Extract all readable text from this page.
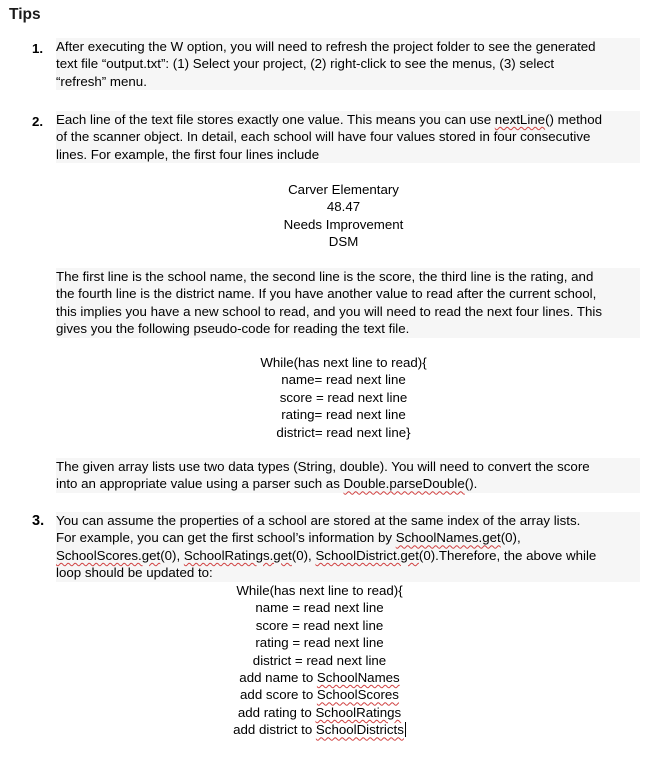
Tips
1. After executing the W option, you will need to refresh the project folder to see the generated
text file “output.txt”: (1) Select your project, (2) right-click to see the menus, (3) select
“refresh” menu.
2. Each line of the text file stores exactly one value. This means you can use nextLine() method
of the scanner object. In detail, each school will have four values stored in four consecutive
lines. For example, the first four lines include
Carver Elementary
48.47
Needs Improvement
DSM
The first line is the school name, the second line is the score, the third line is the rating, and
the fourth line is the district name. If you have another value to read after the current school,
this implies you have a new school to read, and you will need to read the next four lines. This
gives you the following pseudo-code for reading the text file.
While(has next line to read){
name= read next line
score = read next line
rating= read next line
district= read next line}
The given array lists use two data types (String, double). You will need to convert the score
into an appropriate value using a parser such as Double.parseDouble().
3. You can assume the properties of a school are stored at the same index of the array lists.
For example, you can get the first school’s information by SchoolNames.get(0),
SchoolScores.get(0), SchoolRatings.get(0), SchoolDistrict.get(0).Therefore, the above while
loop should be updated to:
While(has next line to read){
name = read next line
score = read next line
rating = read next line
district = read next line
add name to SchoolNames
add score to SchoolScores
add rating to SchoolRatings
add district to SchoolDistricts
